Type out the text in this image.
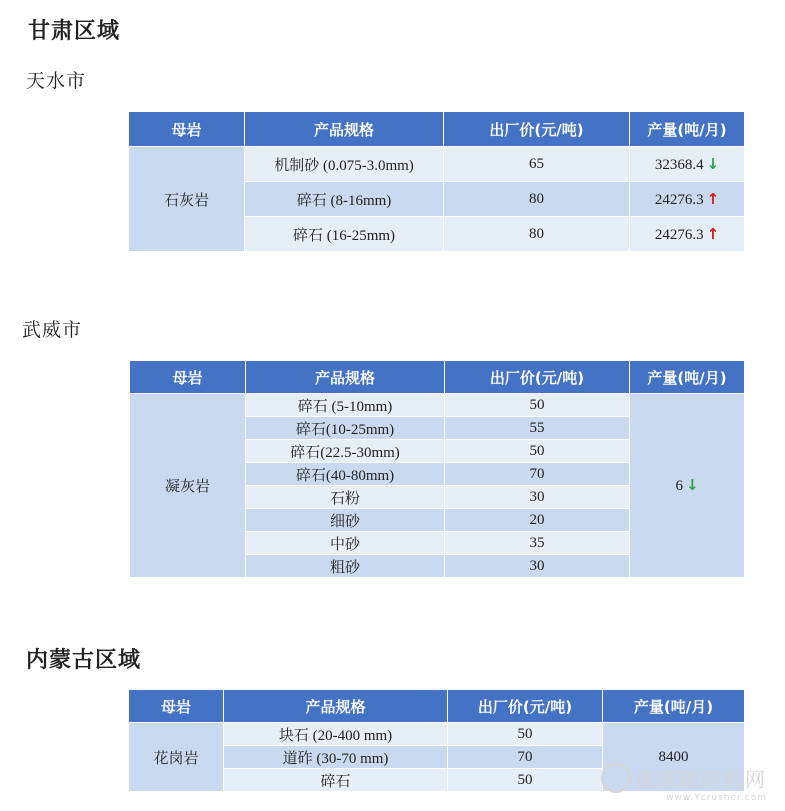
甘肃区域
天水市
母岩	产品规格	出厂价(元/吨)	产量(吨/月)
石灰岩	机制砂 (0.075-3.0mm)	65	32368.4 ↓
	碎石 (8-16mm)	80	24276.3 ↑
	碎石 (16-25mm)	80	24276.3 ↑
武威市
母岩	产品规格	出厂价(元/吨)	产量(吨/月)
凝灰岩	碎石 (5-10mm)	50	6 ↓
	碎石(10-25mm)	55	
	碎石(22.5-30mm)	50	
	碎石(40-80mm)	70	
	石粉	30	
	细砂	20	
	中砂	35	
	粗砂	30	
内蒙古区域
母岩	产品规格	出厂价(元/吨)	产量(吨/月)
花岗岩	块石 (20-400 mm)	50	8400
	道砟 (30-70 mm)	70	
	碎石	50		流球破碎机网
www.Ycrusher.com
